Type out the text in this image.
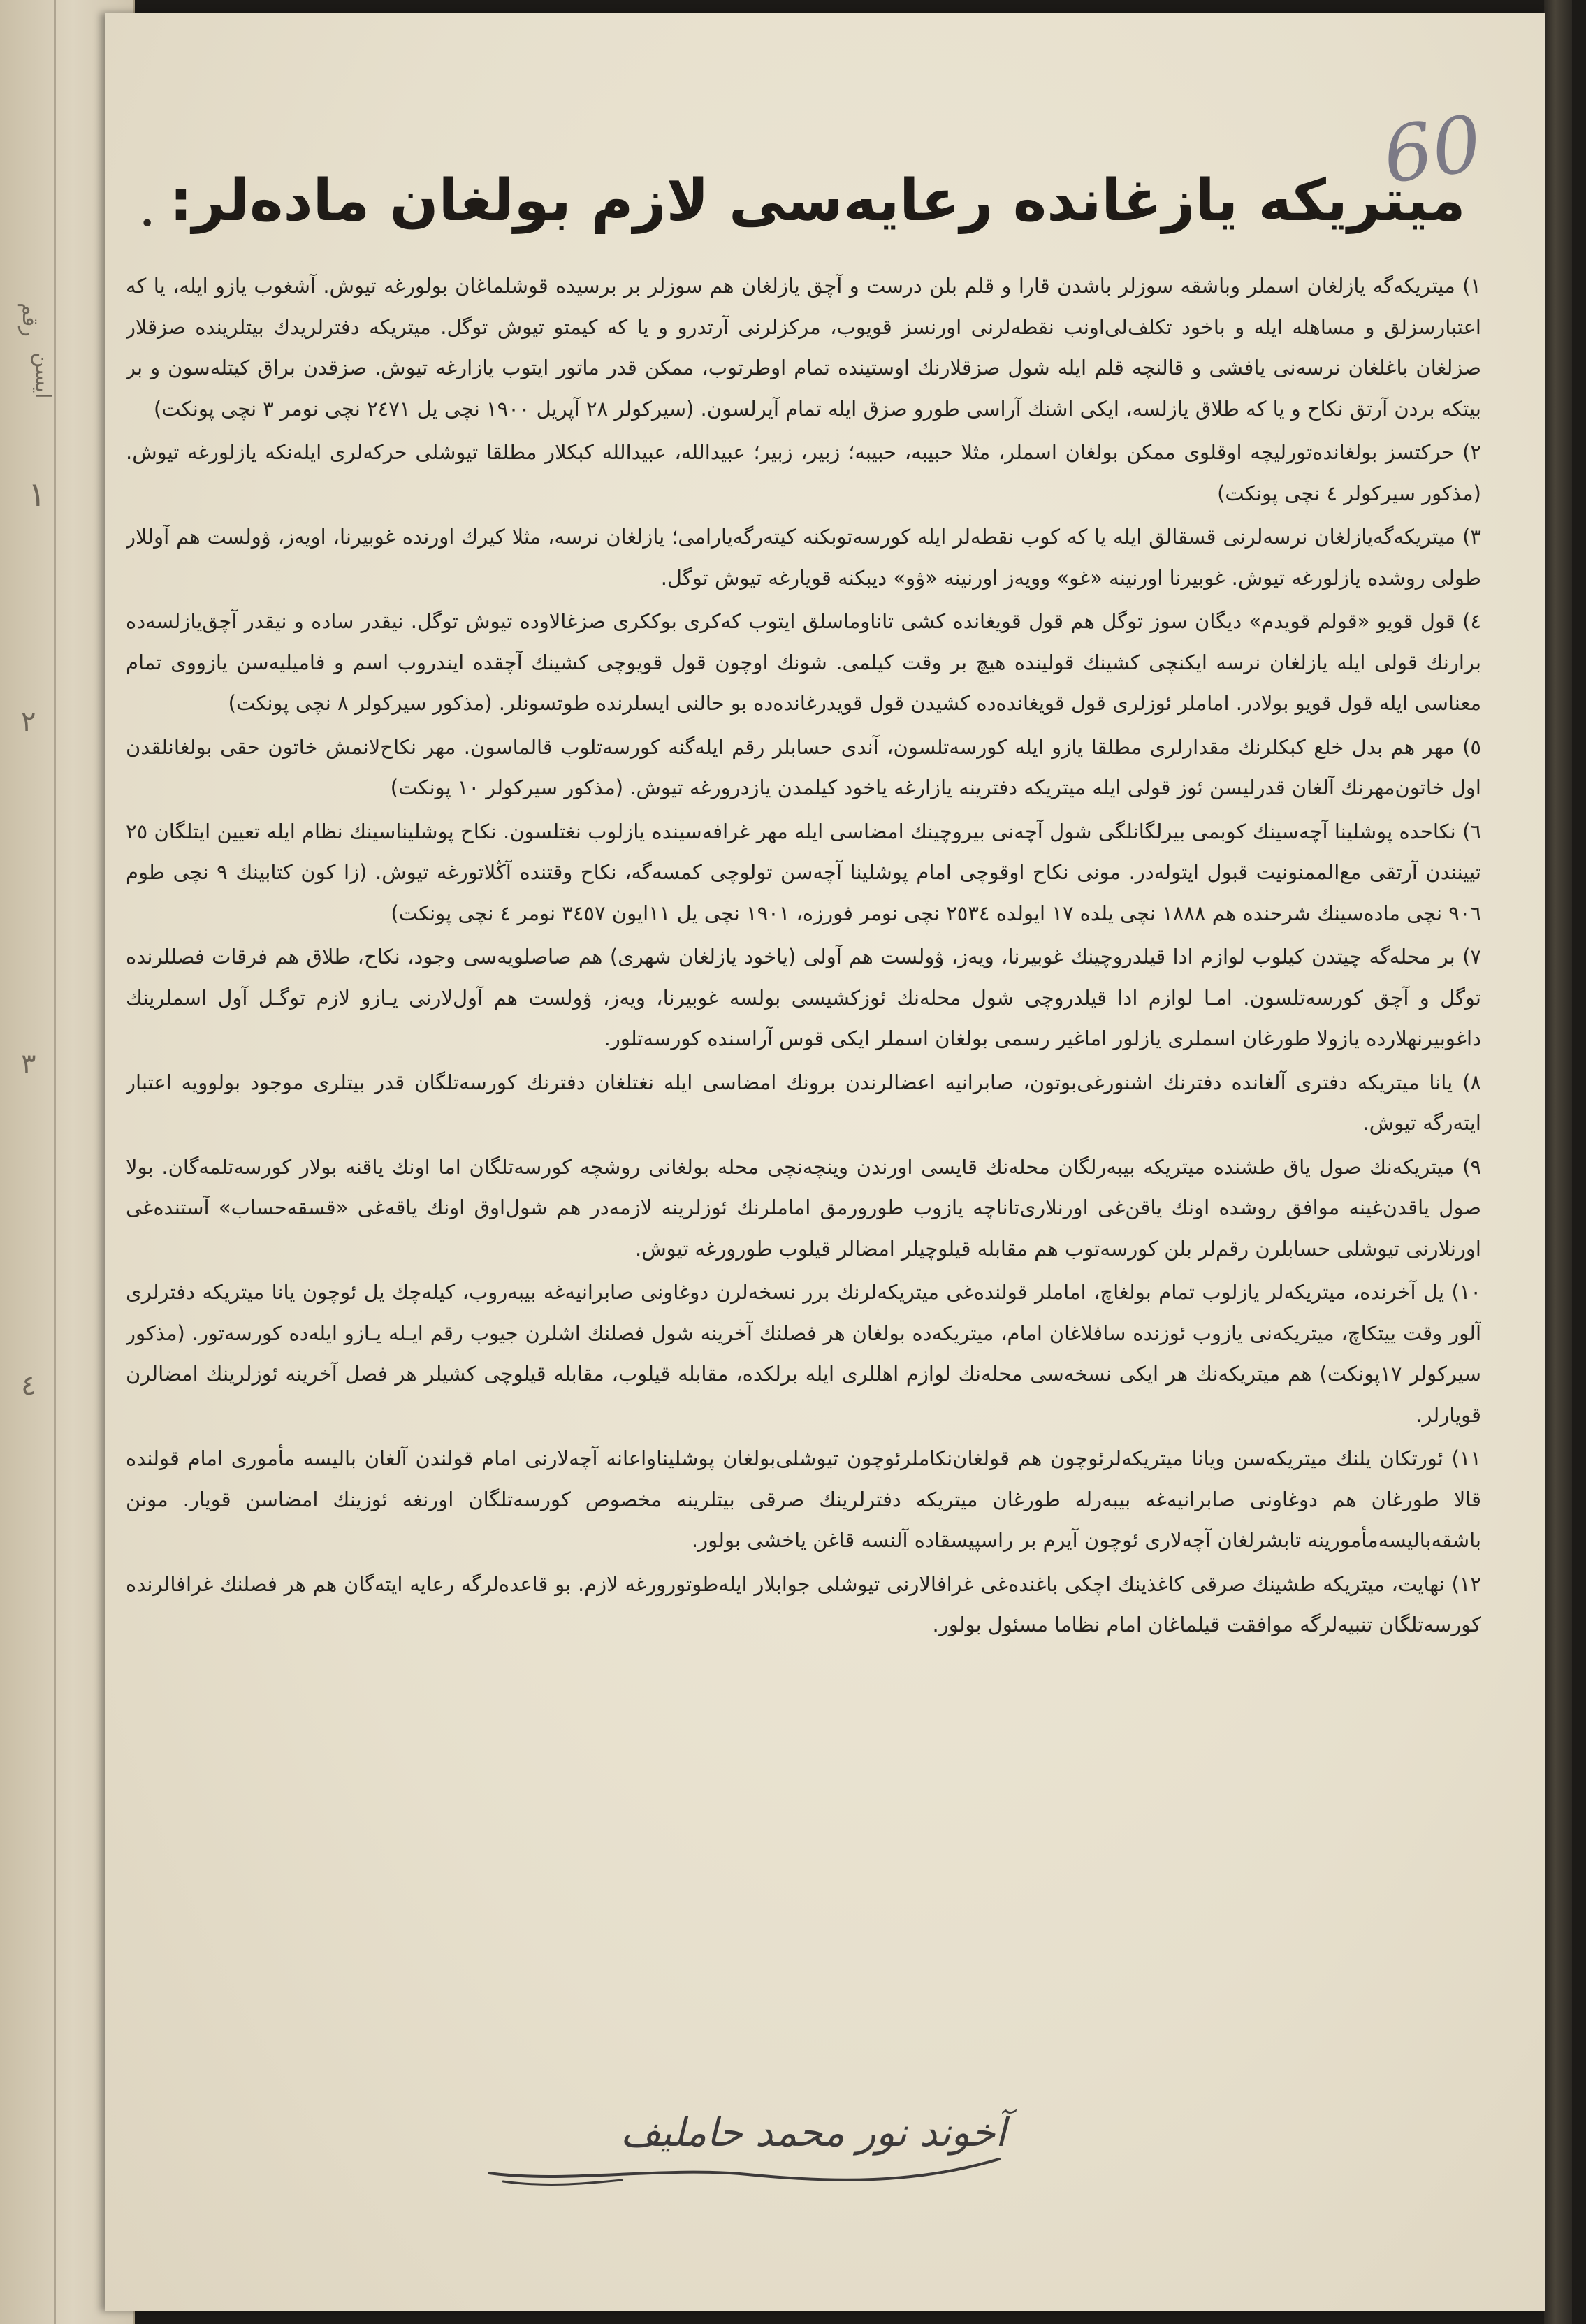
رقم
ايسن
١
٢
٣
٤
•
60
ميتريكه يازغانده رعايه‌سى لازم بولغان ماده‌لر:

١) ميتريكه‌گه يازلغان اسملر وباشقه سوزلر باشدن قارا و قلم بلن درست و آچق يازلغان هم سوزلر بر برسيده قوشلماغان بولورغه تيوش. آشغوب يازو ايله، يا كه اعتبارسزلق و مساهله ايله و باخود تكلف‌لى‌اونب نقطه‌لرنى اورنسز قويوب، مركزلرنى آرتدرو و يا كه كيمتو تيوش توگل. ميتريكه دفترلريدك بيتلرينده صزقلار صزلغان باغلغان نرسه‌نى يافشى و قالنچه قلم ايله شول صزقلارنك اوستينده تمام اوطرتوب، ممكن قدر ماتور ايتوب يازارغه تيوش. صزقدن براق كيتله‌سون و بر بيتكه بردن آرتق نكاح و يا كه طلاق يازلسه، ايكى اشنك آراسى طورو صزق ايله تمام آيرلسون. (سيركولر ٢٨ آپريل ١٩٠٠ نچى يل ٢٤٧١ نچى نومر ٣ نچى پونكت)

٢) حركتسز بولغانده‌تورليچه اوقلوى ممكن بولغان اسملر، مثلا حبيبه، حبيبه؛ زبير، زبير؛ عبيدالله، عبيدالله كبكلار مطلقا تيوشلى حركه‌لرى ايله‌نكه يازلورغه تيوش. (مذكور سيركولر ٤ نچى پونكت)

٣) ميتريكه‌گه‌يازلغان نرسه‌لرنى قسقالق ايله يا كه كوب نقطه‌لر ايله كورسه‌توبكنه كيته‌رگه‌يارامى؛ يازلغان نرسه، مثلا كيرك اورنده غوبيرنا، اويه‌ز، ۋولست هم آوللار طولى روشده يازلورغه تيوش. غوبيرنا اورنينه «غو» وويه‌ز اورنينه «ۋو» ديبكنه قويارغه تيوش توگل.

٤) قول قويو «قولم قويدم» ديگان سوز توگل هم قول قويغانده كشى تاناوماسلق ايتوب كه‌كرى بوككرى صزغالاوده تيوش توگل. نيقدر ساده و نيقدر آچق‌يازلسه‌ده برارنك قولى ايله يازلغان نرسه ايكنچى كشينك قولينده هيچ بر وقت كيلمى. شونك اوچون قول قويوچى كشينك آچقده ايندروب اسم و فاميليه‌سن يازووى تمام معناسى ايله قول قويو بولادر. اماملر ئوزلرى قول قويغانده‌ده كشيدن قول قويدرغانده‌ده بو حالنى ايسلرنده طوتسونلر. (مذكور سيركولر ٨ نچى پونكت)

٥) مهر هم بدل خلع كبكلرنك مقدارلرى مطلقا يازو ايله كورسه‌تلسون، آندى حسابلر رقم ايله‌گنه كورسه‌تلوب قالماسون. مهر نكاح‌لانمش خاتون حقى بولغانلقدن اول خاتون‌مهرنك آلغان قدرليسن ئوز قولى ايله ميتريكه دفترينه يازارغه ياخود كيلمدن يازدرورغه تيوش. (مذكور سيركولر ١٠ پونكت)

٦) نكاحده پوشلينا آچه‌سينك كوبمى بيرلگانلگى شول آچه‌نى بيروچينك امضاسى ايله مهر غرافه‌سينده يازلوب نغتلسون. نكاح پوشليناسينك نظام ايله تعيين ايتلگان ٢٥ تيينندن آرتقى مع‌الممنونيت قبول ايتوله‌در. مونى نكاح اوقوچى امام پوشلينا آچه‌سن تولوچى كمسه‌گه، نكاح وقتنده آڭلاتورغه تيوش. (زا كون كتابينك ٩ نچى طوم ٩٠٦ نچى ماده‌سينك شرحنده هم ١٨٨٨ نچى يلده ١٧ ايولده ٢٥٣٤ نچى نومر فورزه، ١٩٠١ نچى يل ١١ايون ٣٤٥٧ نومر ٤ نچى پونكت)

٧) بر محله‌گه چيتدن كيلوب لوازم ادا قيلدروچينك غوبيرنا، ويه‌ز، ۋولست هم آولى (ياخود يازلغان شهرى) هم صاصلويه‌سى وجود، نكاح، طلاق هم فرقات فصللرنده توگل و آچق كورسه‌تلسون. امـا لوازم ادا قيلدروچى شول محله‌نك ئوزكشيسى بولسه غوبيرنا، ويه‌ز، ۋولست هم آول‌لارنى يـازو لازم توگـل آول اسملرينك‌ داغوبيرنهلارده يازولا طورغان اسملرى يازلور اماغير رسمى بولغان اسملر ايكى قوس آراسنده كورسه‌تلور.

٨) يا‌نا ميتريكه دفترى آلغانده دفترنك اشنورغى‌بوتون، صابرانيه اعضالرندن برونك امضاسى ايله نغتلغان دفترنك كورسه‌تلگان قدر بيتلرى موجود بولوويه اعتبار ايته‌رگه تيوش.

٩) ميتريكه‌نك صول ياق طشنده ميتريكه بيبه‌رلگان محله‌نك قايسى اورندن وينچه‌نچى محله بولغانى روشچه كورسه‌تلگان اما اونك ياقنه بولار كورسه‌تلمه‌گان. بولا صول ياقدن‌غينه موافق روشده اونك ياقن‌غى اورنلارى‌تاناچه يازوب طورورمق اماملرنك ئوزلرينه لازمه‌در هم شول‌اوق اونك ياقه‌غى «قسقه‌حساب» آستنده‌غى اورنلارنى تيوشلى حسابلرن رقم‌لر بلن كورسه‌توب هم مقابله قيلوچيلر امضالر قيلوب طورورغه تيوش.

١٠) يل آخرنده، ميتريكه‌لر يازلوب تمام بولغاچ، اماملر قولنده‌غى ميتريكه‌لرنك برر نسخه‌لرن دوغاونى صابرانيه‌غه بيبه‌روب، كيله‌چك يل ئوچون يا‌نا ميتريكه دفترلرى آلور وقت ييتكاچ، ميتريكه‌نى يازوب ئوزنده سافلاغان امام، ميتريكه‌ده بولغان هر فصلنك آخرينه شول فصلنك اشلرن جيوب رقم ايـله يـازو ايله‌ده كورسه‌تور. (مذكور سيركولر ١٧پونكت) هم ميتريكه‌نك هر ايكى نسخه‌سى محله‌نك لوازم اهللرى ايله برلكده، مقابله قيلوب، مقابله قيلوچى كشيلر هر فصل آخرينه ئوزلرينك امضالرن قويارلر.

١١) ئورتكان يلنك ميتريكه‌سن ويا‌نا ميتريكه‌لرئوچون هم‌ قولغان‌نكاملرئوچون‌ تيوشلى‌بولغان پوشليناواعانه آچه‌لارنى امام قولندن آلغان باليسه مأمورى امام قولنده قالا طورغان هم دوغاونى صابرانيه‌غه بيبه‌رله طورغان ميتريكه دفترلرينك صرقى بيتلرينه مخصوص كورسه‌تلگان اورنغه ئوزينك امضاسن قويار. مونن باشقه‌باليسه‌مأمورينه تابشرلغان آچه‌لارى ئوچون آيرم بر راسپيسقاده آلنسه قاغن ياخشى بولور.

١٢) نهايت، ميتريكه طشينك صرقى كاغذينك اچكى باغنده‌غى غرافالارنى تيوشلى جوابلار ايله‌طوتورورغه لازم. بو قاعده‌لرگه رعايه ايته‌گان هم هر فصلنك غرافالرنده كورسه‌تلگان تنبيه‌لرگه موافقت قيلماغان امام نظاما مسئول بولور.

آخوند نور محمد حامليف
